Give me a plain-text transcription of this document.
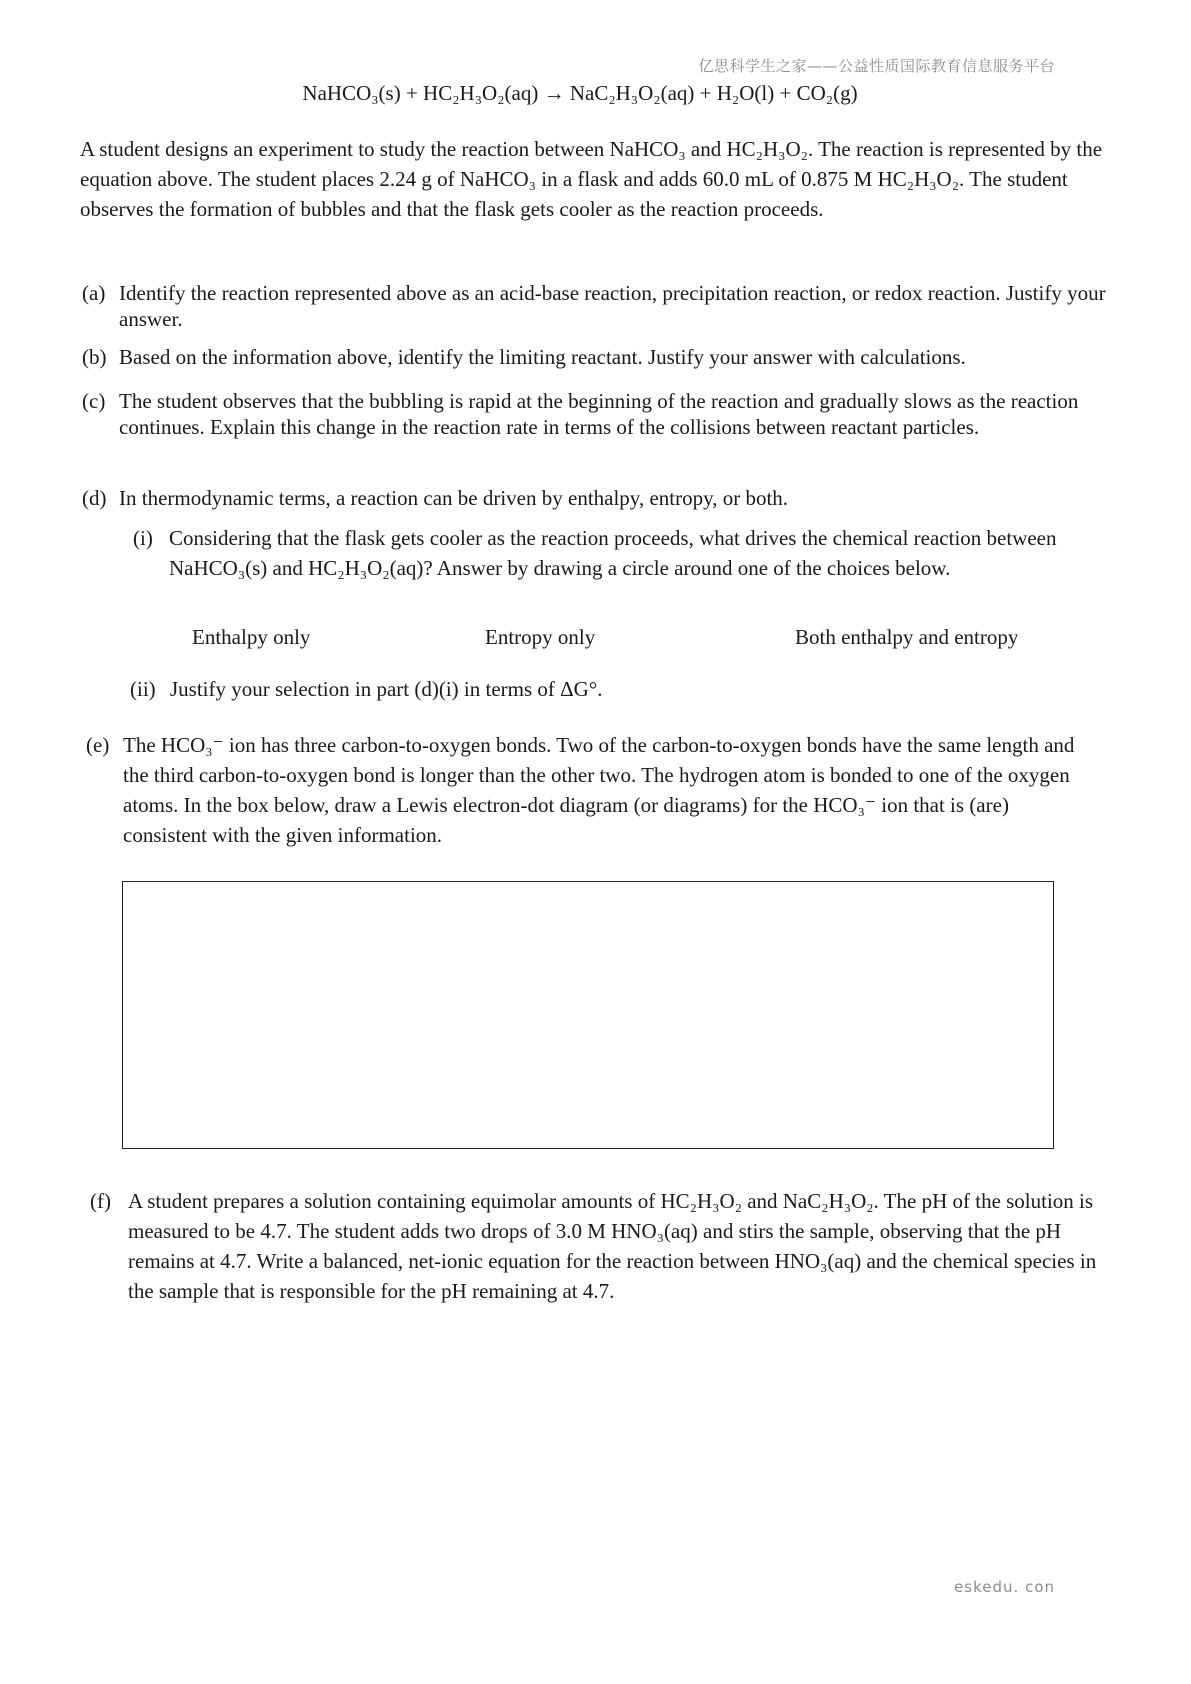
亿思科学生之家——公益性质国际教育信息服务平台
NaHCO₃(s) + HC₂H₃O₂(aq) → NaC₂H₃O₂(aq) + H₂O(l) + CO₂(g)
A student designs an experiment to study the reaction between NaHCO₃ and HC₂H₃O₂. The reaction is represented by the equation above. The student places 2.24 g of NaHCO₃ in a flask and adds 60.0 mL of 0.875 M HC₂H₃O₂. The student observes the formation of bubbles and that the flask gets cooler as the reaction proceeds.
(a) Identify the reaction represented above as an acid-base reaction, precipitation reaction, or redox reaction. Justify your answer.
(b) Based on the information above, identify the limiting reactant. Justify your answer with calculations.
(c) The student observes that the bubbling is rapid at the beginning of the reaction and gradually slows as the reaction continues. Explain this change in the reaction rate in terms of the collisions between reactant particles.
(d) In thermodynamic terms, a reaction can be driven by enthalpy, entropy, or both.
(i) Considering that the flask gets cooler as the reaction proceeds, what drives the chemical reaction between NaHCO₃(s) and HC₂H₃O₂(aq)? Answer by drawing a circle around one of the choices below.
Enthalpy only	Entropy only	Both enthalpy and entropy
(ii) Justify your selection in part (d)(i) in terms of ΔG°.
(e) The HCO₃⁻ ion has three carbon-to-oxygen bonds. Two of the carbon-to-oxygen bonds have the same length and the third carbon-to-oxygen bond is longer than the other two. The hydrogen atom is bonded to one of the oxygen atoms. In the box below, draw a Lewis electron-dot diagram (or diagrams) for the HCO₃⁻ ion that is (are) consistent with the given information.
(f) A student prepares a solution containing equimolar amounts of HC₂H₃O₂ and NaC₂H₃O₂. The pH of the solution is measured to be 4.7. The student adds two drops of 3.0 M HNO₃(aq) and stirs the sample, observing that the pH remains at 4.7. Write a balanced, net-ionic equation for the reaction between HNO₃(aq) and the chemical species in the sample that is responsible for the pH remaining at 4.7.
eskedu. con
